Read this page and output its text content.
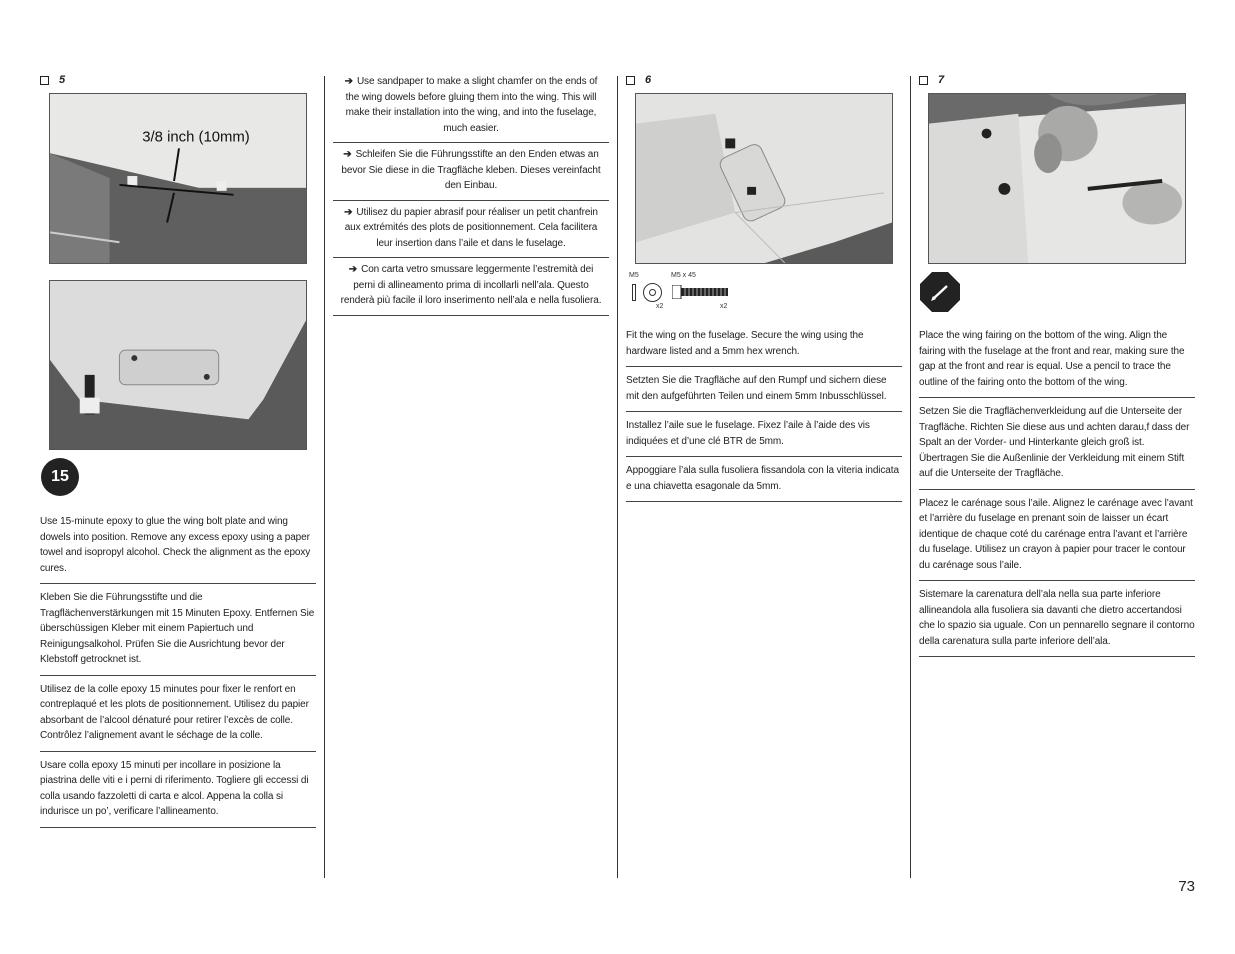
5
3/8 inch (10mm)
15
Use 15-minute epoxy to glue the wing bolt plate and wing dowels into position. Remove any excess epoxy using a paper towel and isopropyl alcohol. Check the alignment as the epoxy cures.
Kleben Sie die Führungsstifte und die Tragflächenverstärkungen mit 15 Minuten Epoxy. Entfernen Sie überschüssigen Kleber mit einem Papiertuch und Reinigungsalkohol. Prüfen Sie die Ausrichtung bevor der Klebstoff getrocknet ist.
Utilisez de la colle epoxy 15 minutes pour fixer le renfort en contreplaqué et les plots de positionnement. Utilisez du papier absorbant de l’alcool dénaturé pour retirer l’excès de colle. Contrôlez l’alignement avant le séchage de la colle.
Usare colla epoxy 15 minuti per incollare in posizione la piastrina delle viti e i perni di riferimento. Togliere gli eccessi di colla usando fazzoletti di carta e alcol. Appena la colla si indurisce un po’, verificare l’allineamento.
➔ Use sandpaper to make a slight chamfer on the ends of the wing dowels before gluing them into the wing. This will make their installation into the wing, and into the fuselage, much easier.
➔ Schleifen Sie die Führungsstifte an den Enden etwas an bevor Sie diese in die Tragfläche kleben. Dieses vereinfacht den Einbau.
➔ Utilisez du papier abrasif pour réaliser un petit chanfrein aux extrémités des plots de positionnement. Cela facilitera leur insertion dans l’aile et dans le fuselage.
➔ Con carta vetro smussare leggermente l’estremità dei perni di allineamento prima di incollarli nell’ala. Questo renderà più facile il loro inserimento nell’ala e nella fusoliera.
6
M5	M5 x 45
x2	x2
Fit the wing on the fuselage. Secure the wing using the hardware listed and a 5mm hex wrench.
Setzten Sie die Tragfläche auf den Rumpf und sichern diese mit den aufgeführten Teilen und einem 5mm Inbusschlüssel.
Installez l’aile sue le fuselage. Fixez l’aile à l’aide des vis indiquées et d’une clé BTR de 5mm.
Appoggiare l’ala sulla fusoliera fissandola con la viteria indicata e una chiavetta esagonale da 5mm.
7
Place the wing fairing on the bottom of the wing. Align the fairing with the fuselage at the front and rear, making sure the gap at the front and rear is equal. Use a pencil to trace the outline of the fairing onto the bottom of the wing.
Setzen Sie die Tragflächenverkleidung auf die Unterseite der Tragfläche. Richten Sie diese aus und achten darau,f dass der Spalt an der Vorder- und Hinterkante gleich groß ist. Übertragen Sie die Außenlinie der Verkleidung mit einem Stift auf die Unterseite der Tragfläche.
Placez le carénage sous l’aile. Alignez le carénage avec l’avant et l’arrière du fuselage en prenant soin de laisser un écart identique de chaque coté du carénage entra l’avant et l’arrière du fuselage. Utilisez un crayon à papier pour tracer le contour du carénage sous l’aile.
Sistemare la carenatura dell’ala nella sua parte inferiore allineandola alla fusoliera sia davanti che dietro accertandosi che lo spazio sia uguale. Con un pennarello segnare il contorno della carenatura sulla parte inferiore dell’ala.
73
